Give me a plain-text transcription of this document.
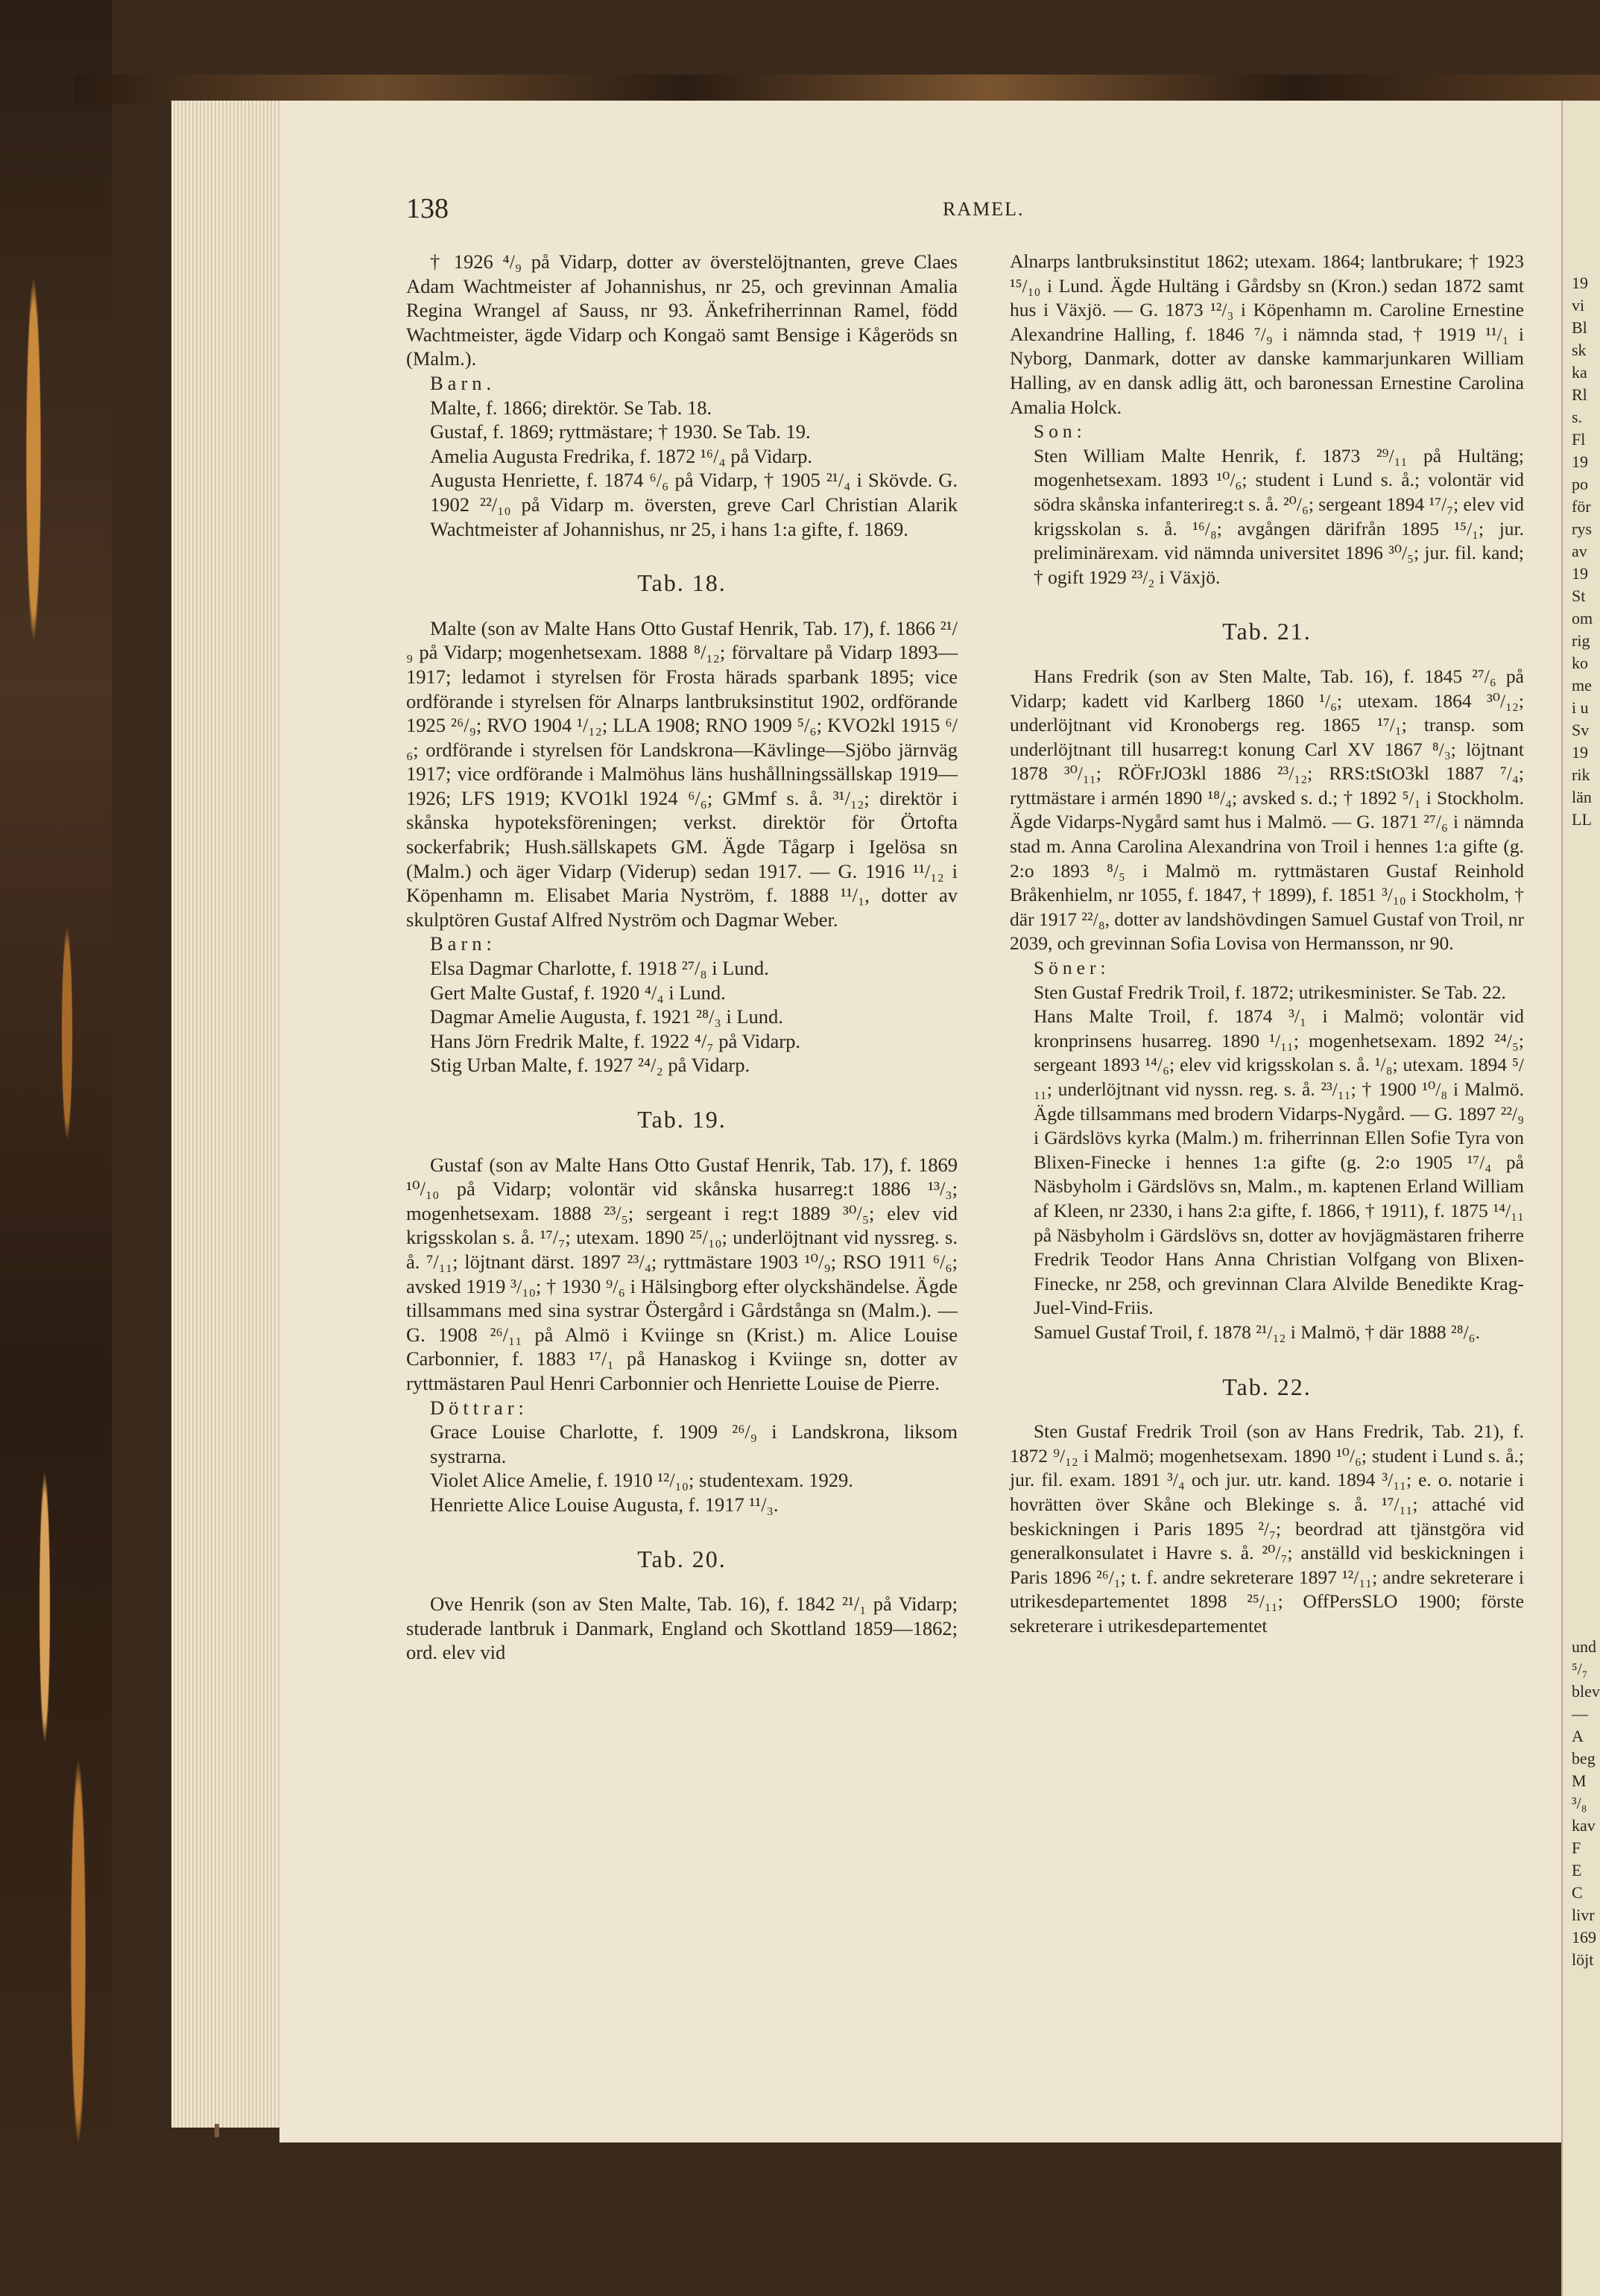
19
vi
Bl
sk
ka
Rl
s.
Fl
19
po
för
rys
av
19
St
om
rig
ko
me
i u
Sv
19
rik
län
LL
und
⁵/₇
blev
—
A
beg
M
³/₈
kav
F
E
C
livr
169
löjt
138	RAMEL.

† 1926 ⁴/₉ på Vidarp, dotter av överstelöjtnanten, greve Claes Adam Wachtmeister af Johannishus, nr 25, och grevinnan Amalia Regina Wrangel af Sauss, nr 93. Änkefriherrinnan Ramel, född Wachtmeister, ägde Vidarp och Kongaö samt Bensige i Kågeröds sn (Malm.).

Barn.

Malte, f. 1866; direktör. Se Tab. 18.

Gustaf, f. 1869; ryttmästare; † 1930. Se Tab. 19.

Amelia Augusta Fredrika, f. 1872 ¹⁶/₄ på Vidarp.

Augusta Henriette, f. 1874 ⁶/₆ på Vidarp, † 1905 ²¹/₄ i Skövde. G. 1902 ²²/₁₀ på Vidarp m. översten, greve Carl Christian Alarik Wachtmeister af Johannishus, nr 25, i hans 1:a gifte, f. 1869.

Tab. 18.

Malte (son av Malte Hans Otto Gustaf Henrik, Tab. 17), f. 1866 ²¹/₉ på Vidarp; mogenhetsexam. 1888 ⁸/₁₂; förvaltare på Vidarp 1893—1917; ledamot i styrelsen för Frosta härads sparbank 1895; vice ordförande i styrelsen för Alnarps lantbruksinstitut 1902, ordförande 1925 ²⁶/₉; RVO 1904 ¹/₁₂; LLA 1908; RNO 1909 ⁵/₆; KVO2kl 1915 ⁶/₆; ordförande i styrelsen för Landskrona—Kävlinge—Sjöbo järnväg 1917; vice ordförande i Malmöhus läns hushållningssällskap 1919—1926; LFS 1919; KVO1kl 1924 ⁶/₆; GMmf s. å. ³¹/₁₂; direktör i skånska hypoteksföreningen; verkst. direktör för Örtofta sockerfabrik; Hush.sällskapets GM. Ägde Tågarp i Igelösa sn (Malm.) och äger Vidarp (Viderup) sedan 1917. — G. 1916 ¹¹/₁₂ i Köpenhamn m. Elisabet Maria Nyström, f. 1888 ¹¹/₁, dotter av skulptören Gustaf Alfred Nyström och Dagmar Weber.

Barn:

Elsa Dagmar Charlotte, f. 1918 ²⁷/₈ i Lund.

Gert Malte Gustaf, f. 1920 ⁴/₄ i Lund.

Dagmar Amelie Augusta, f. 1921 ²⁸/₃ i Lund.

Hans Jörn Fredrik Malte, f. 1922 ⁴/₇ på Vidarp.

Stig Urban Malte, f. 1927 ²⁴/₂ på Vidarp.

Tab. 19.

Gustaf (son av Malte Hans Otto Gustaf Henrik, Tab. 17), f. 1869 ¹⁰/₁₀ på Vidarp; volontär vid skånska husarreg:t 1886 ¹³/₃; mogenhetsexam. 1888 ²³/₅; sergeant i reg:t 1889 ³⁰/₅; elev vid krigsskolan s. å. ¹⁷/₇; utexam. 1890 ²⁵/₁₀; underlöjtnant vid nyssreg. s. å. ⁷/₁₁; löjtnant därst. 1897 ²³/₄; ryttmästare 1903 ¹⁰/₉; RSO 1911 ⁶/₆; avsked 1919 ³/₁₀; † 1930 ⁹/₆ i Hälsingborg efter olyckshändelse. Ägde tillsammans med sina systrar Östergård i Gårdstånga sn (Malm.). — G. 1908 ²⁶/₁₁ på Almö i Kviinge sn (Krist.) m. Alice Louise Carbonnier, f. 1883 ¹⁷/₁ på Hanaskog i Kviinge sn, dotter av ryttmästaren Paul Henri Carbonnier och Henriette Louise de Pierre.

Döttrar:

Grace Louise Charlotte, f. 1909 ²⁶/₉ i Landskrona, liksom systrarna.

Violet Alice Amelie, f. 1910 ¹²/₁₀; studentexam. 1929.

Henriette Alice Louise Augusta, f. 1917 ¹¹/₃.

Tab. 20.

Ove Henrik (son av Sten Malte, Tab. 16), f. 1842 ²¹/₁ på Vidarp; studerade lantbruk i Danmark, England och Skottland 1859—1862; ord. elev vid

Alnarps lantbruksinstitut 1862; utexam. 1864; lantbrukare; † 1923 ¹⁵/₁₀ i Lund. Ägde Hultäng i Gårdsby sn (Kron.) sedan 1872 samt hus i Växjö. — G. 1873 ¹²/₃ i Köpenhamn m. Caroline Ernestine Alexandrine Halling, f. 1846 ⁷/₉ i nämnda stad, † 1919 ¹¹/₁ i Nyborg, Danmark, dotter av danske kammarjunkaren William Halling, av en dansk adlig ätt, och baronessan Ernestine Carolina Amalia Holck.

Son:

Sten William Malte Henrik, f. 1873 ²⁹/₁₁ på Hultäng; mogenhetsexam. 1893 ¹⁰/₆; student i Lund s. å.; volontär vid södra skånska infanterireg:t s. å. ²⁰/₆; sergeant 1894 ¹⁷/₇; elev vid krigsskolan s. å. ¹⁶/₈; avgången därifrån 1895 ¹⁵/₁; jur. preliminärexam. vid nämnda universitet 1896 ³⁰/₅; jur. fil. kand; † ogift 1929 ²³/₂ i Växjö.

Tab. 21.

Hans Fredrik (son av Sten Malte, Tab. 16), f. 1845 ²⁷/₆ på Vidarp; kadett vid Karlberg 1860 ¹/₆; utexam. 1864 ³⁰/₁₂; underlöjtnant vid Kronobergs reg. 1865 ¹⁷/₁; transp. som underlöjtnant till husarreg:t konung Carl XV 1867 ⁸/₃; löjtnant 1878 ³⁰/₁₁; RÖFrJO3kl 1886 ²³/₁₂; RRS:tStO3kl 1887 ⁷/₄; ryttmästare i armén 1890 ¹⁸/₄; avsked s. d.; † 1892 ⁵/₁ i Stockholm. Ägde Vidarps-Nygård samt hus i Malmö. — G. 1871 ²⁷/₆ i nämnda stad m. Anna Carolina Alexandrina von Troil i hennes 1:a gifte (g. 2:o 1893 ⁸/₅ i Malmö m. ryttmästaren Gustaf Reinhold Bråkenhielm, nr 1055, f. 1847, † 1899), f. 1851 ³/₁₀ i Stockholm, † där 1917 ²²/₈, dotter av landshövdingen Samuel Gustaf von Troil, nr 2039, och grevinnan Sofia Lovisa von Hermansson, nr 90.

Söner:

Sten Gustaf Fredrik Troil, f. 1872; utrikesminister. Se Tab. 22.

Hans Malte Troil, f. 1874 ³/₁ i Malmö; volontär vid kronprinsens husarreg. 1890 ¹/₁₁; mogenhetsexam. 1892 ²⁴/₅; sergeant 1893 ¹⁴/₆; elev vid krigsskolan s. å. ¹/₈; utexam. 1894 ⁵/₁₁; underlöjtnant vid nyssn. reg. s. å. ²³/₁₁; † 1900 ¹⁰/₈ i Malmö. Ägde tillsammans med brodern Vidarps-Nygård. — G. 1897 ²²/₉ i Gärdslövs kyrka (Malm.) m. friherrinnan Ellen Sofie Tyra von Blixen-Finecke i hennes 1:a gifte (g. 2:o 1905 ¹⁷/₄ på Näsbyholm i Gärdslövs sn, Malm., m. kaptenen Erland William af Kleen, nr 2330, i hans 2:a gifte, f. 1866, † 1911), f. 1875 ¹⁴/₁₁ på Näsbyholm i Gärdslövs sn, dotter av hovjägmästaren friherre Fredrik Teodor Hans Anna Christian Volfgang von Blixen-Finecke, nr 258, och grevinnan Clara Alvilde Benedikte Krag-Juel-Vind-Friis.

Samuel Gustaf Troil, f. 1878 ²¹/₁₂ i Malmö, † där 1888 ²⁸/₆.

Tab. 22.

Sten Gustaf Fredrik Troil (son av Hans Fredrik, Tab. 21), f. 1872 ⁹/₁₂ i Malmö; mogenhetsexam. 1890 ¹⁰/₆; student i Lund s. å.; jur. fil. exam. 1891 ³/₄ och jur. utr. kand. 1894 ³/₁₁; e. o. notarie i hovrätten över Skåne och Blekinge s. å. ¹⁷/₁₁; attaché vid beskickningen i Paris 1895 ²/₇; beordrad att tjänstgöra vid generalkonsulatet i Havre s. å. ²⁰/₇; anställd vid beskickningen i Paris 1896 ²⁶/₁; t. f. andre sekreterare 1897 ¹²/₁₁; andre sekreterare i utrikesdepartementet 1898 ²⁵/₁₁; OffPersSLO 1900; förste sekreterare i utrikesdepartementet
